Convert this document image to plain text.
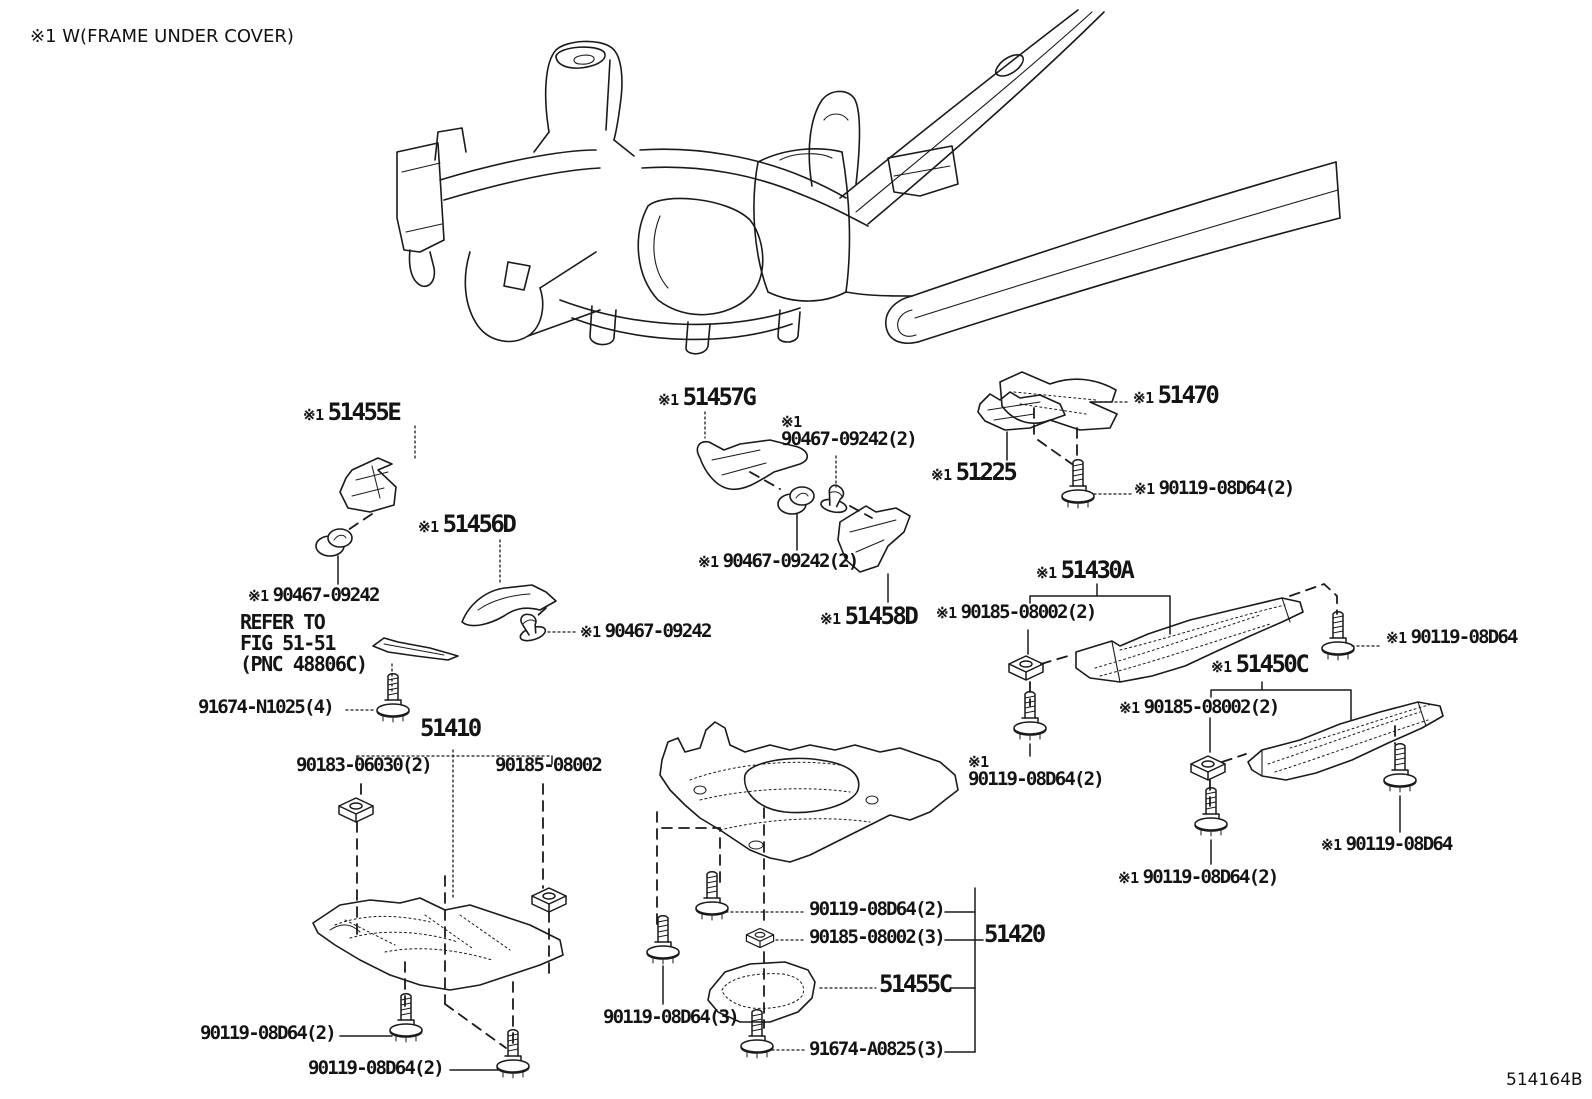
※1 W(FRAME UNDER COVER)
※1 51455E
※1 51456D
※1 90467-09242
REFER TO
FIG 51-51
(PNC 48806C)
91674-N1025(4)
51410
90183-06030(2)	90185-08002
※1 51457G
※1
90467-09242(2)
※1 90467-09242
※1 90467-09242(2)
※1 51458D
※1 51470
※1 51225
※1 90119-08D64(2)
※1 51430A
※1 90185-08002(2)
※1 51450C
※1 90185-08002(2)
※1
90119-08D64(2)
※1 90119-08D64
※1 90119-08D64
※1 90119-08D64(2)
90119-08D64(2)
90185-08002(3) 51420
51455C
91674-A0825(3)
90119-08D64(3)
90119-08D64(2)
90119-08D64(2)
514164B
